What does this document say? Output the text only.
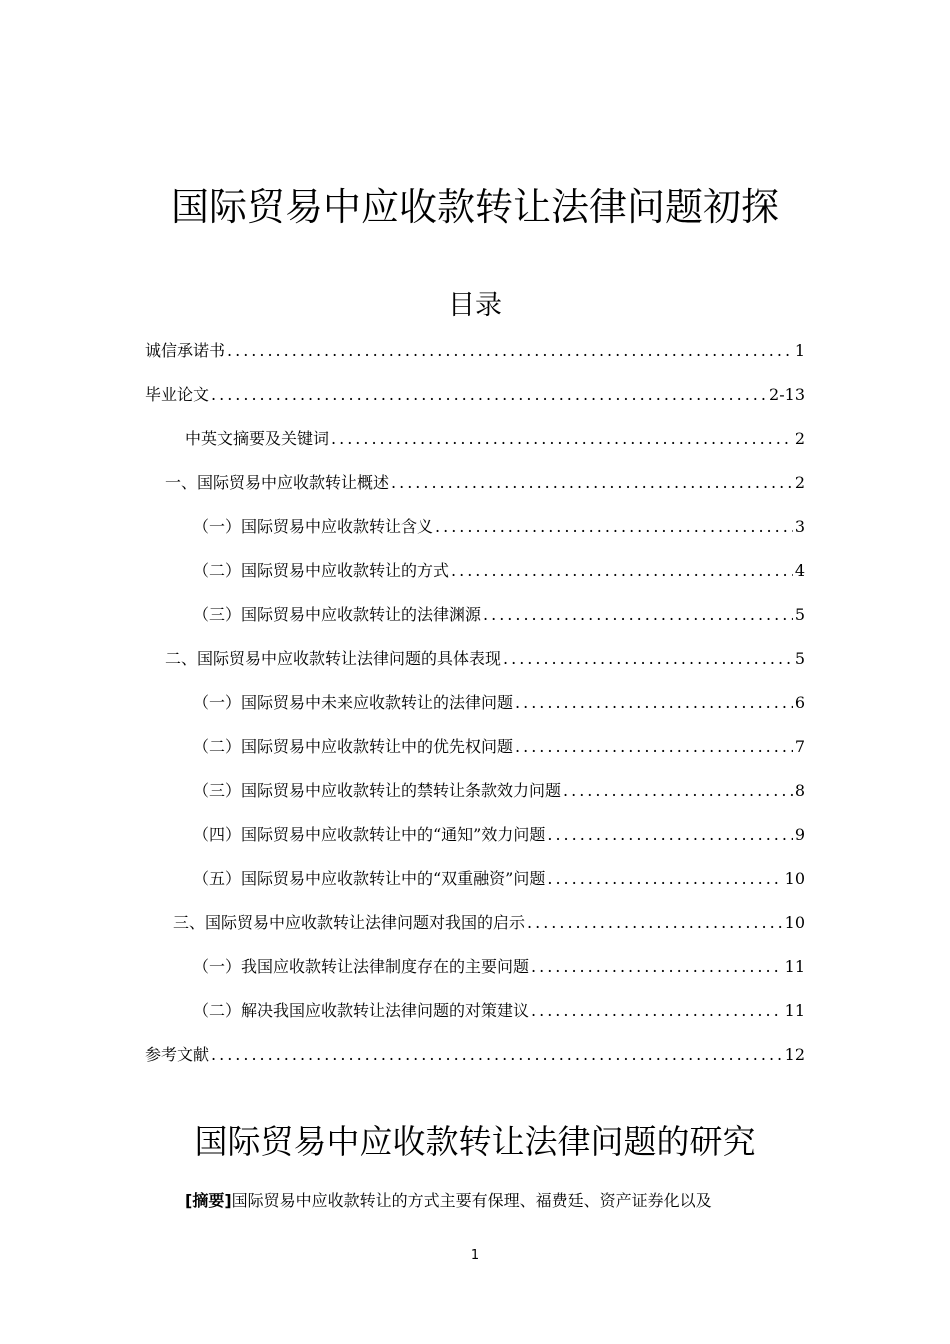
国际贸易中应收款转让法律问题初探
目录
诚信承诺书 .....	1
毕业论文 .....	2-13
中英文摘要及关键词 .....	2
一、国际贸易中应收款转让概述 .....	2
（一）国际贸易中应收款转让含义 .....	3
（二）国际贸易中应收款转让的方式 .....	4
（三）国际贸易中应收款转让的法律渊源 .....	5
二、国际贸易中应收款转让法律问题的具体表现 .....	5
（一）国际贸易中未来应收款转让的法律问题 .....	6
（二）国际贸易中应收款转让中的优先权问题 .....	7
（三）国际贸易中应收款转让的禁转让条款效力问题 .....	8
（四）国际贸易中应收款转让中的“通知”效力问题 .....	9
（五）国际贸易中应收款转让中的“双重融资”问题 .....	10
三、国际贸易中应收款转让法律问题对我国的启示 .....	10
（一）我国应收款转让法律制度存在的主要问题 .....	11
（二）解决我国应收款转让法律问题的对策建议 .....	11
参考文献 .....	12
国际贸易中应收款转让法律问题的研究
[摘要]国际贸易中应收款转让的方式主要有保理、福费廷、资产证券化以及
1
